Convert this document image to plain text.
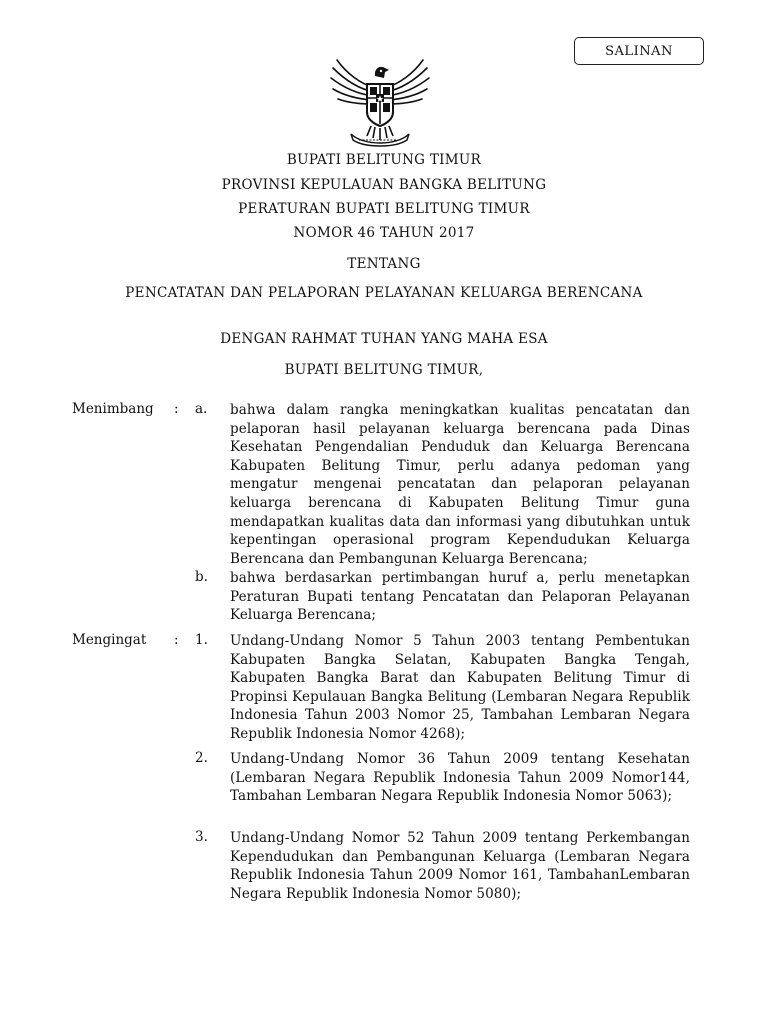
SALINAN
BUPATI BELITUNG TIMUR
PROVINSI KEPULAUAN BANGKA BELITUNG
PERATURAN BUPATI BELITUNG TIMUR
NOMOR 46 TAHUN 2017
TENTANG
PENCATATAN DAN PELAPORAN PELAYANAN KELUARGA BERENCANA
DENGAN RAHMAT TUHAN YANG MAHA ESA
BUPATI BELITUNG TIMUR,
Menimbang : a. bahwa dalam rangka meningkatkan kualitas pencatatan dan pelaporan hasil pelayanan keluarga berencana pada Dinas Kesehatan Pengendalian Penduduk dan Keluarga Berencana Kabupaten Belitung Timur, perlu adanya pedoman yang mengatur mengenai pencatatan dan pelaporan pelayanan keluarga berencana di Kabupaten Belitung Timur guna mendapatkan kualitas data dan informasi yang dibutuhkan untuk kepentingan operasional program Kependudukan Keluarga Berencana dan Pembangunan Keluarga Berencana;

b. bahwa berdasarkan pertimbangan huruf a, perlu menetapkan Peraturan Bupati tentang Pencatatan dan Pelaporan Pelayanan Keluarga Berencana;

Mengingat : 1. Undang-Undang Nomor 5 Tahun 2003 tentang Pembentukan Kabupaten Bangka Selatan, Kabupaten Bangka Tengah, Kabupaten Bangka Barat dan Kabupaten Belitung Timur di Propinsi Kepulauan Bangka Belitung (Lembaran Negara Republik Indonesia Tahun 2003 Nomor 25, Tambahan Lembaran Negara Republik Indonesia Nomor 4268);

2. Undang-Undang Nomor 36 Tahun 2009 tentang Kesehatan (Lembaran Negara Republik Indonesia Tahun 2009 Nomor144, Tambahan Lembaran Negara Republik Indonesia Nomor 5063);

3. Undang-Undang Nomor 52 Tahun 2009 tentang Perkembangan Kependudukan dan Pembangunan Keluarga (Lembaran Negara Republik Indonesia Tahun 2009 Nomor 161, TambahanLembaran Negara Republik Indonesia Nomor 5080);
